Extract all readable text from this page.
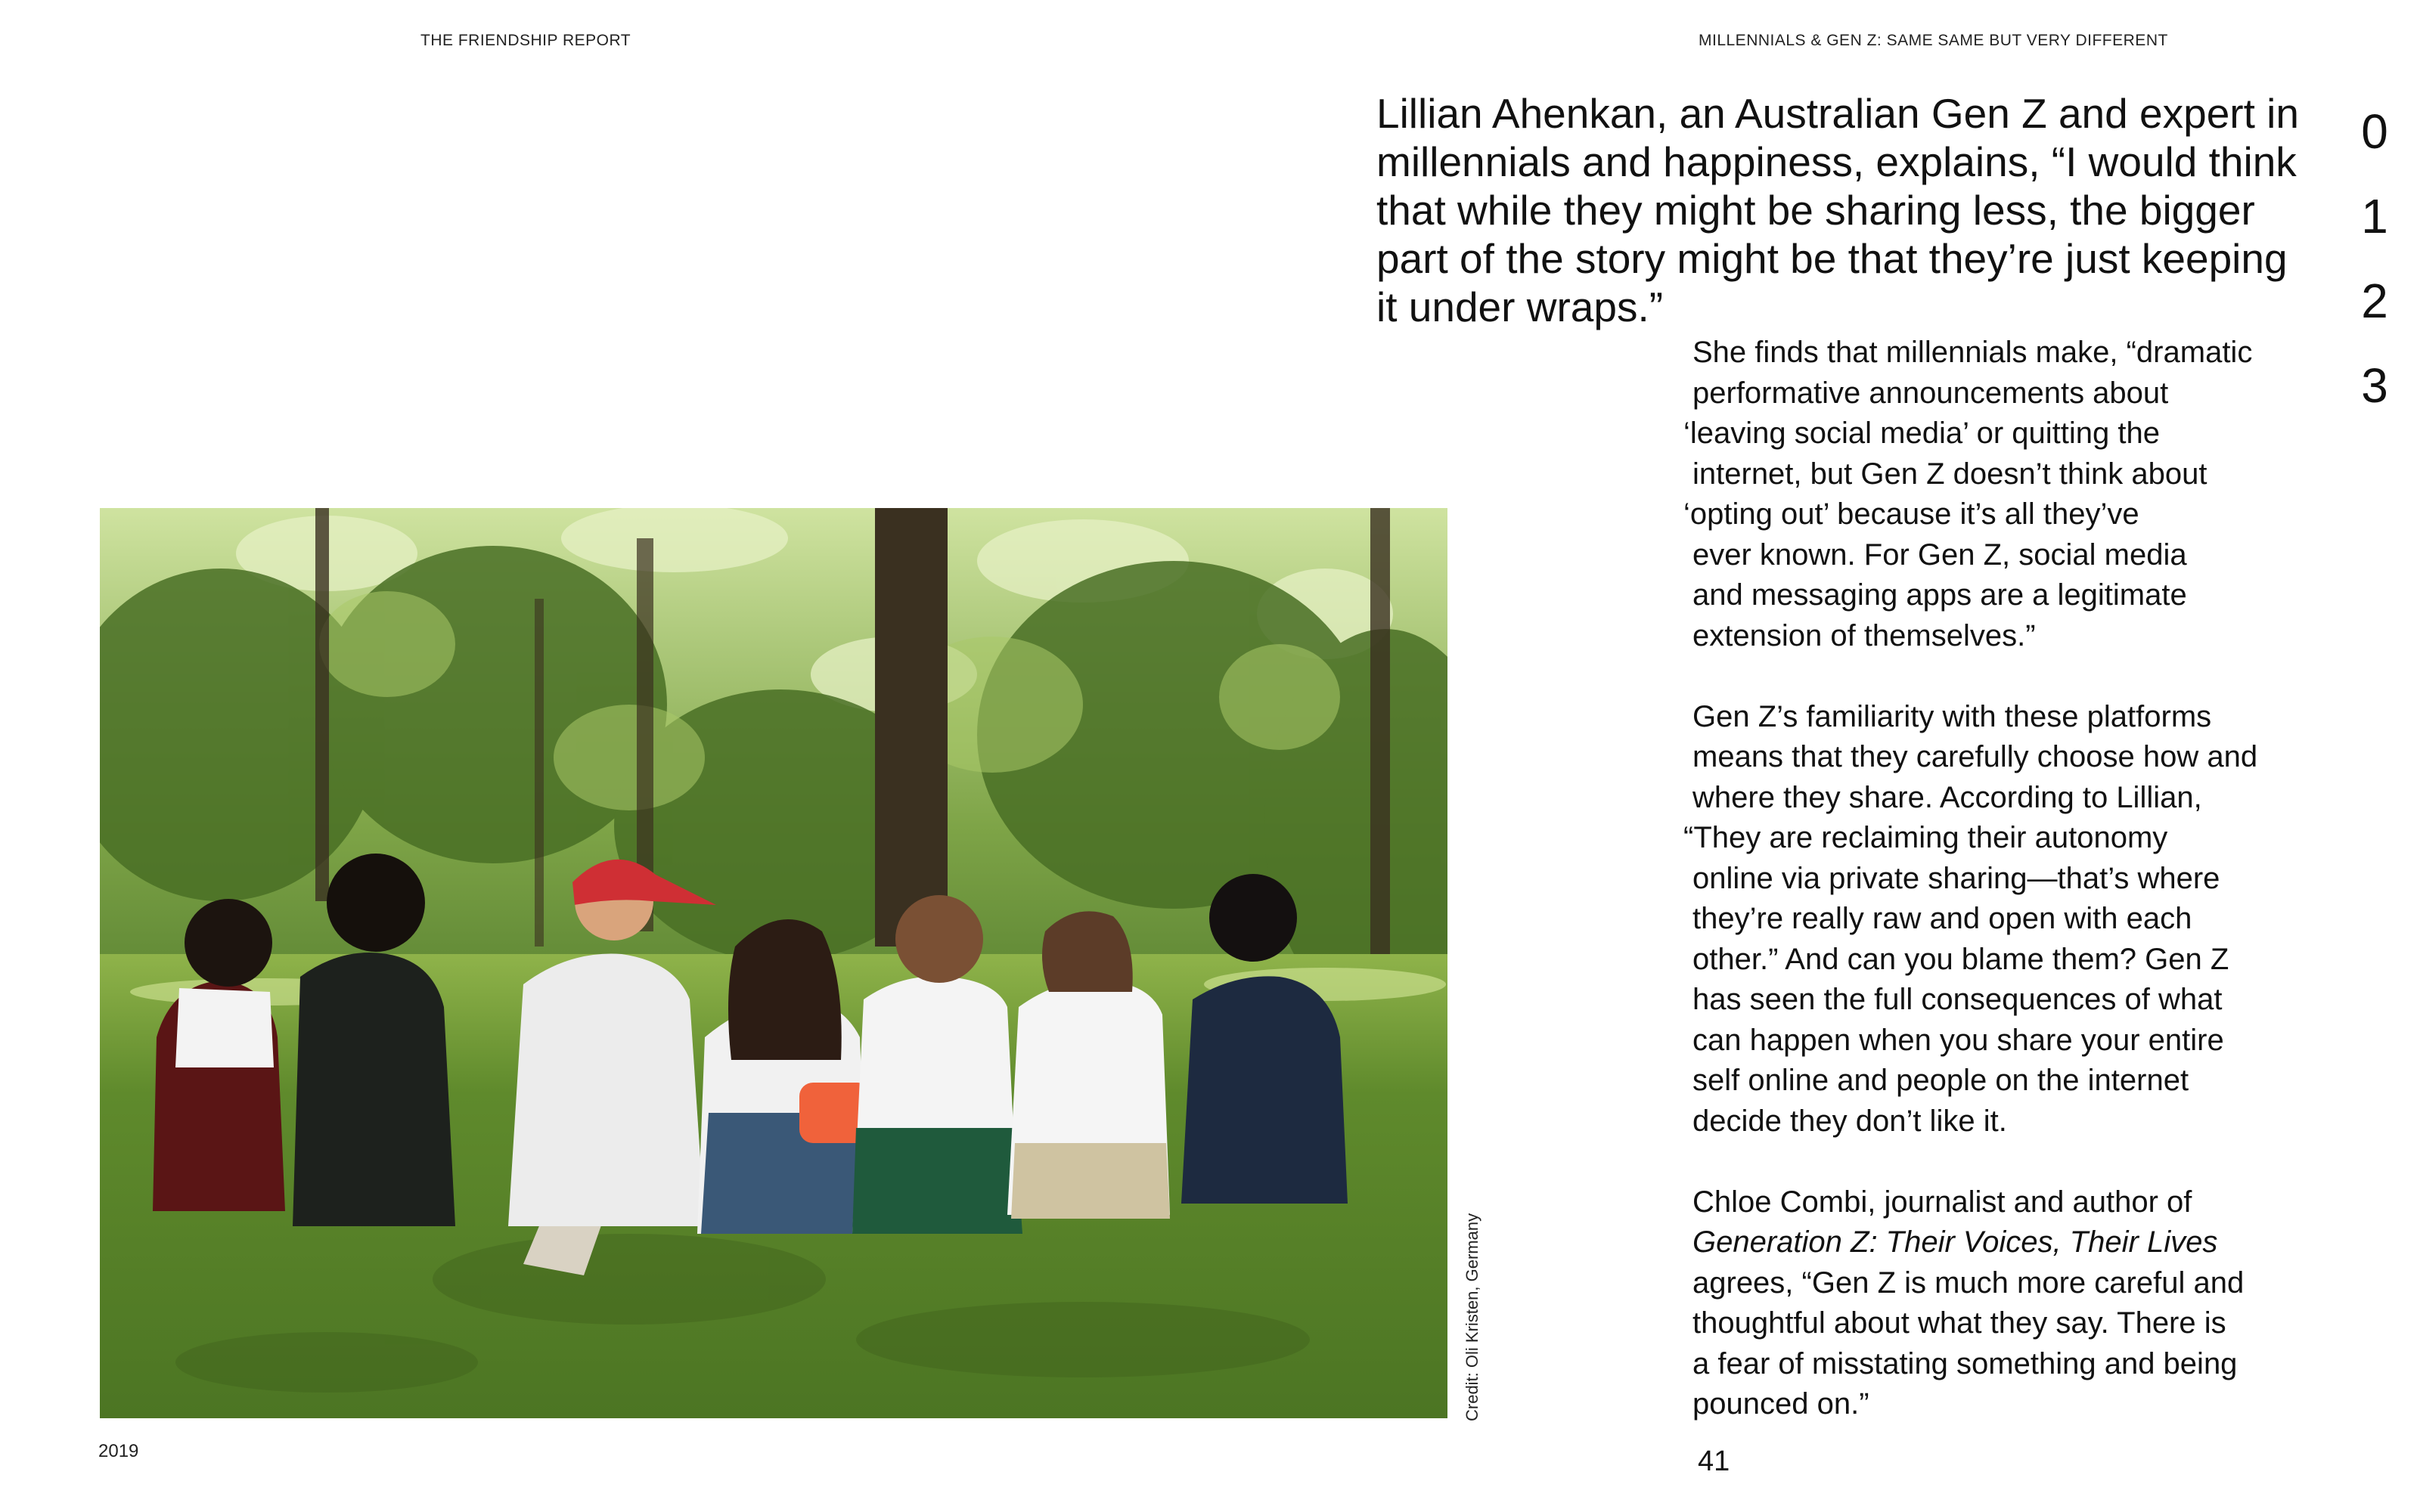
THE FRIENDSHIP REPORT	MILLENNIALS & GEN Z: SAME SAME BUT VERY DIFFERENT
Lillian Ahenkan, an Australian Gen Z and expert in
millennials and happiness, explains, “I would think
that while they might be sharing less, the bigger
part of the story might be that they’re just keeping
it under wraps.”
0
1
2
3
She finds that millennials make, “dramatic
performative announcements about
‘leaving social media’ or quitting the
internet, but Gen Z doesn’t think about
‘opting out’ because it’s all they’ve
ever known. For Gen Z, social media
and messaging apps are a legitimate
extension of themselves.”
Gen Z’s familiarity with these platforms
means that they carefully choose how and
where they share. According to Lillian,
“They are reclaiming their autonomy
online via private sharing—that’s where
they’re really raw and open with each
other.” And can you blame them? Gen Z
has seen the full consequences of what
can happen when you share your entire
self online and people on the internet
decide they don’t like it.
Chloe Combi, journalist and author of
Generation Z: Their Voices, Their Lives
agrees, “Gen Z is much more careful and
thoughtful about what they say. There is
a fear of misstating something and being
pounced on.”
Credit: Oli Kristen, Germany
2019	41
